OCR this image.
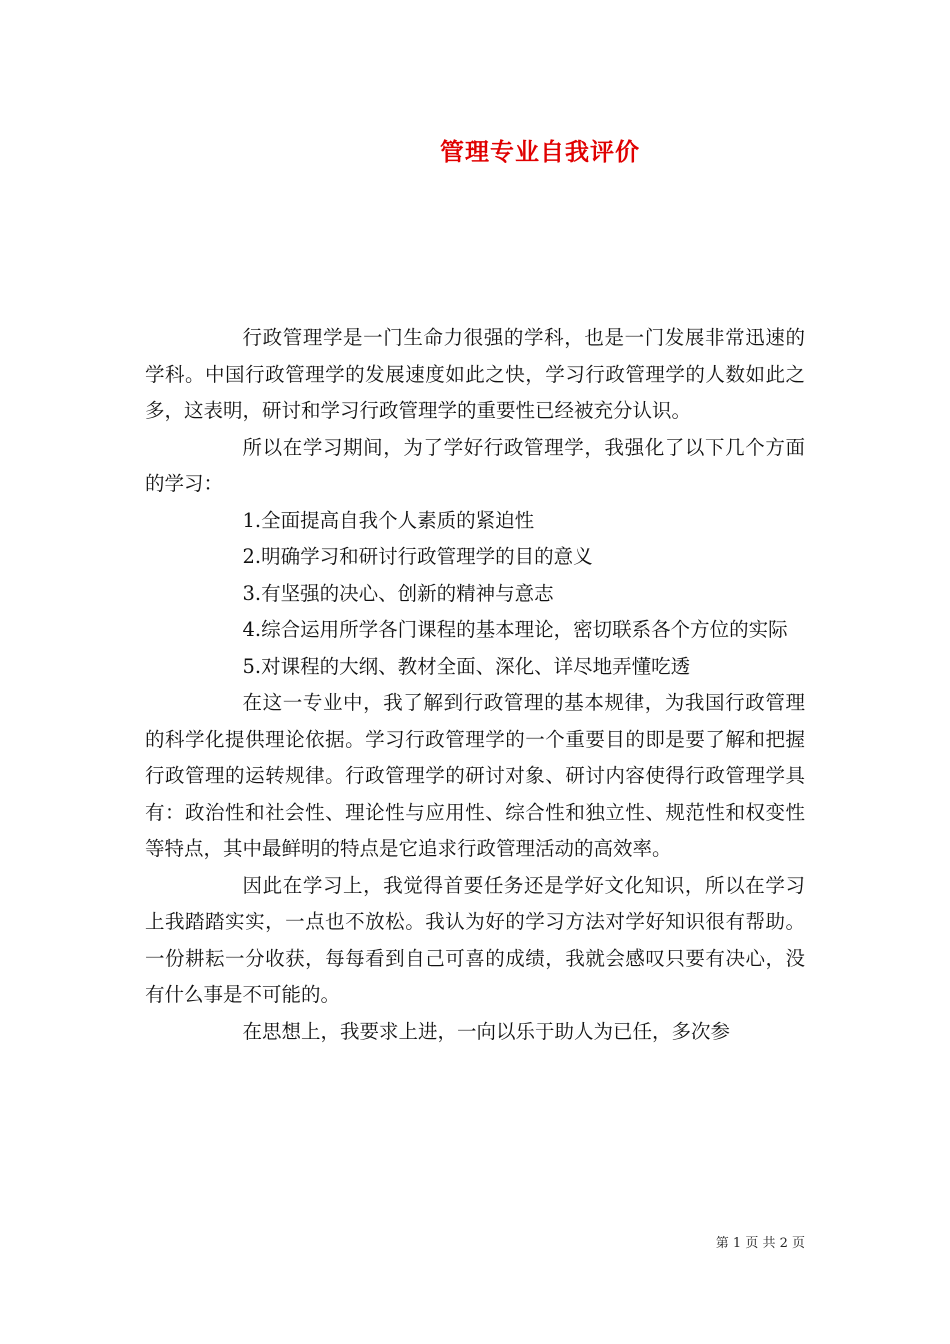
管理专业自我评价

行政管理学是一门生命力很强的学科，也是一门发展非常迅速的学科。中国行政管理学的发展速度如此之快，学习行政管理学的人数如此之多，这表明，研讨和学习行政管理学的重要性已经被充分认识。

所以在学习期间，为了学好行政管理学，我强化了以下几个方面的学习：

1.全面提高自我个人素质的紧迫性

2.明确学习和研讨行政管理学的目的意义

3.有坚强的决心、创新的精神与意志

4.综合运用所学各门课程的基本理论，密切联系各个方位的实际

5.对课程的大纲、教材全面、深化、详尽地弄懂吃透

在这一专业中，我了解到行政管理的基本规律，为我国行政管理的科学化提供理论依据。学习行政管理学的一个重要目的即是要了解和把握行政管理的运转规律。行政管理学的研讨对象、研讨内容使得行政管理学具有：政治性和社会性、理论性与应用性、综合性和独立性、规范性和权变性等特点，其中最鲜明的特点是它追求行政管理活动的高效率。

因此在学习上，我觉得首要任务还是学好文化知识，所以在学习上我踏踏实实，一点也不放松。我认为好的学习方法对学好知识很有帮助。一份耕耘一分收获，每每看到自己可喜的成绩，我就会感叹只要有决心，没有什么事是不可能的。

在思想上，我要求上进，一向以乐于助人为已任，多次参

第 1 页 共 2 页
